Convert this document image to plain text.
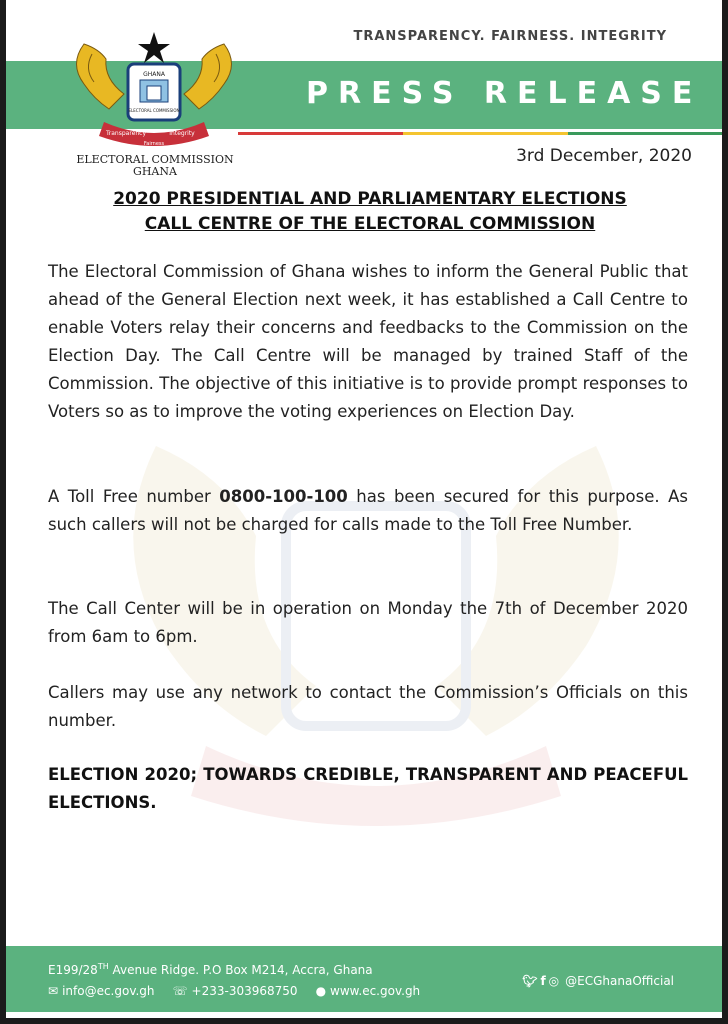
TRANSPARENCY. FAIRNESS. INTEGRITY
PRESS RELEASE
GHANA
ELECTORAL COMMISSION
Transparency	Integrity
Fairness
ELECTORAL COMMISSION
GHANA
3rd December, 2020
2020 PRESIDENTIAL AND PARLIAMENTARY ELECTIONS
CALL CENTRE OF THE ELECTORAL COMMISSION
The Electoral Commission of Ghana wishes to inform the General Public that ahead of the General Election next week, it has established a Call Centre to enable Voters relay their concerns and feedbacks to the Commission on the Election Day. The Call Centre will be managed by trained Staff of the Commission. The objective of this initiative is to provide prompt responses to Voters so as to improve the voting experiences on Election Day.
A Toll Free number 0800-100-100 has been secured for this purpose. As such callers will not be charged for calls made to the Toll Free Number.
The Call Center will be in operation on Monday the 7th of December 2020 from 6am to 6pm.
Callers may use any network to contact the Commission’s Officials on this number.
ELECTION 2020; TOWARDS CREDIBLE, TRANSPARENT AND PEACEFUL ELECTIONS.
E199/28TH Avenue Ridge. P.O Box M214, Accra, Ghana
✉ info@ec.gov.gh ☏ +233-303968750 ● www.ec.gov.gh
🐦︎ f ◎ @ECGhanaOfficial
